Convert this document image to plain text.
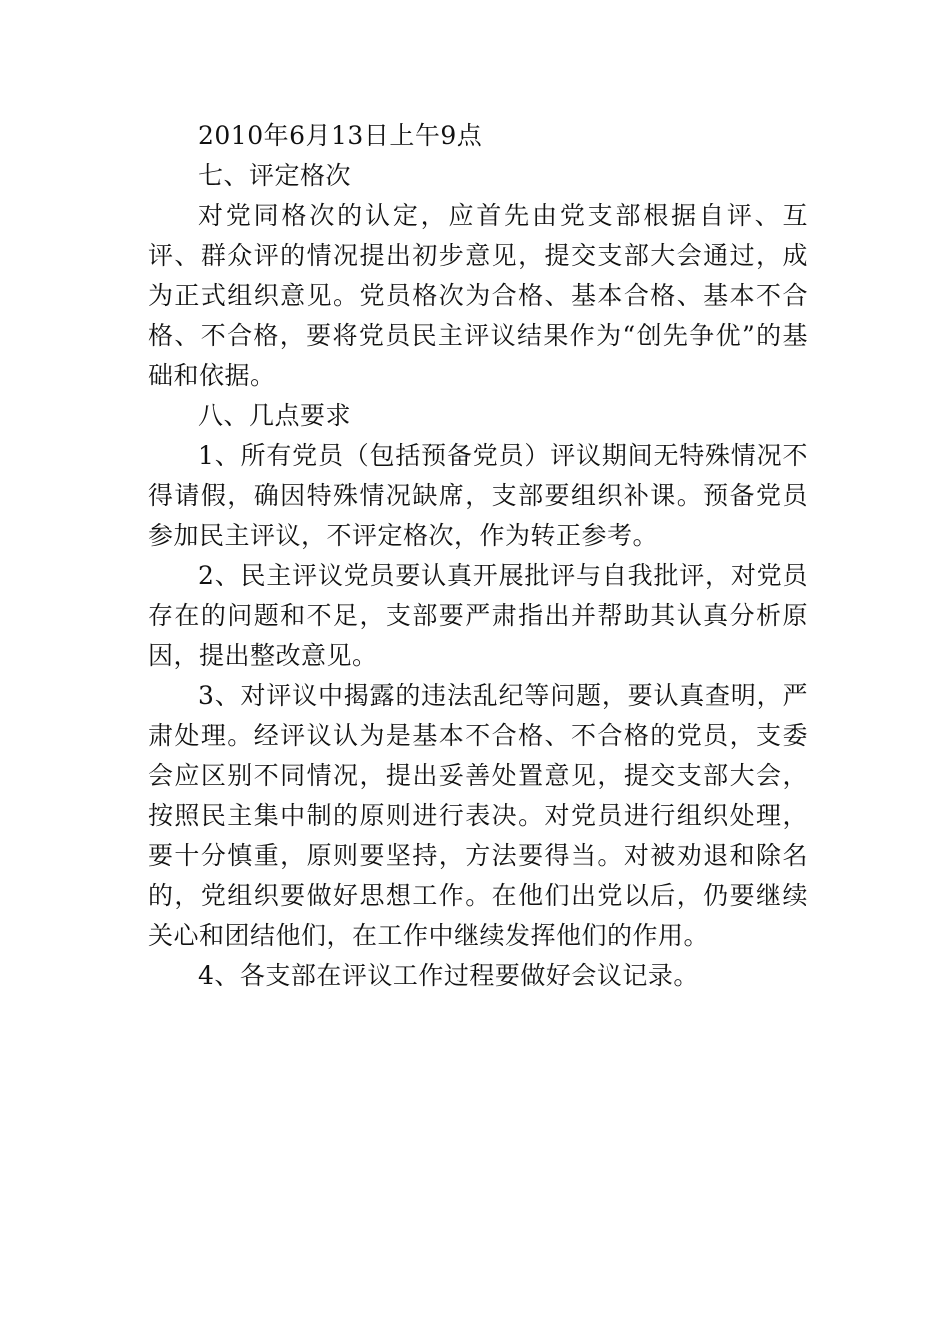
2010年6月13日上午9点

七、评定格次

对党同格次的认定，应首先由党支部根据自评、互评、群众评的情况提出初步意见，提交支部大会通过，成为正式组织意见。党员格次为合格、基本合格、基本不合格、不合格，要将党员民主评议结果作为“创先争优”的基础和依据。

八、几点要求

1、所有党员（包括预备党员）评议期间无特殊情况不得请假，确因特殊情况缺席，支部要组织补课。预备党员参加民主评议，不评定格次，作为转正参考。

2、民主评议党员要认真开展批评与自我批评，对党员存在的问题和不足，支部要严肃指出并帮助其认真分析原因，提出整改意见。

3、对评议中揭露的违法乱纪等问题，要认真查明，严肃处理。经评议认为是基本不合格、不合格的党员，支委会应区别不同情况，提出妥善处置意见，提交支部大会，按照民主集中制的原则进行表决。对党员进行组织处理，要十分慎重，原则要坚持，方法要得当。对被劝退和除名的，党组织要做好思想工作。在他们出党以后，仍要继续关心和团结他们，在工作中继续发挥他们的作用。

4、各支部在评议工作过程要做好会议记录。
